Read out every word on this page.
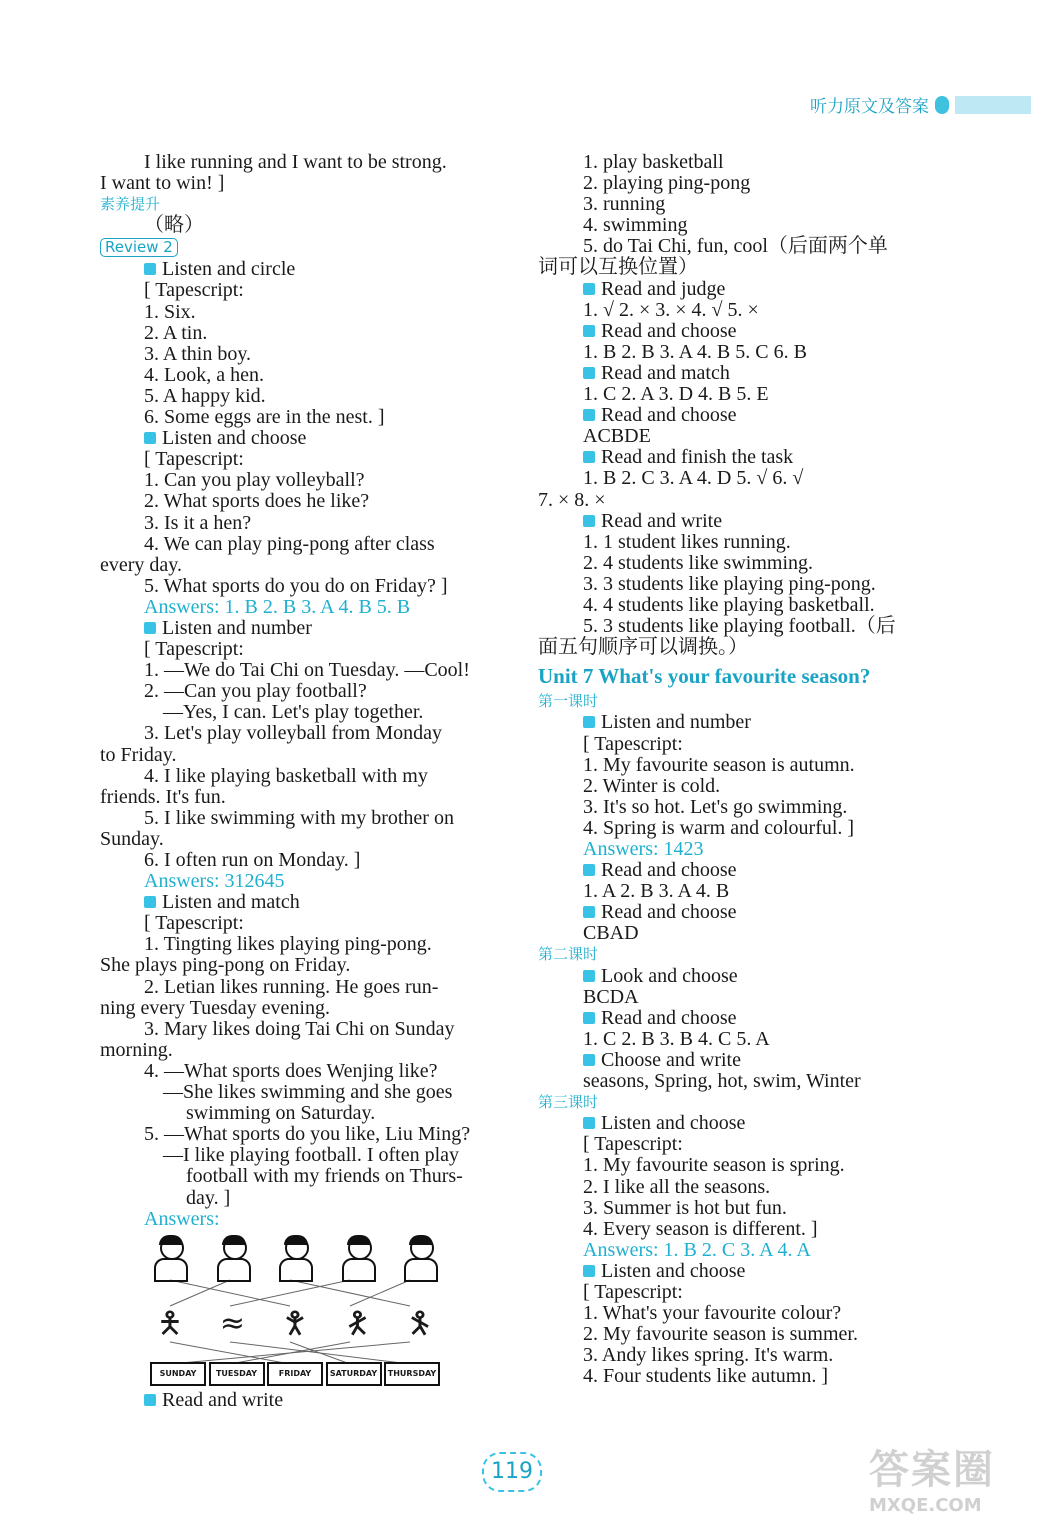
听力原文及答案
I like running and I want to be strong.
I want to win! ]
素养提升
（略）
Review 2
Listen and circle
[ Tapescript:
1. Six.
2. A tin.
3. A thin boy.
4. Look, a hen.
5. A happy kid.
6. Some eggs are in the nest. ]
Listen and choose
[ Tapescript:
1. Can you play volleyball?
2. What sports does he like?
3. Is it a hen?
4. We can play ping-pong after class
every day.
5. What sports do you do on Friday? ]
Answers: 1. B 2. B 3. A 4. B 5. B
Listen and number
[ Tapescript:
1. —We do Tai Chi on Tuesday. —Cool!
2. —Can you play football?
—Yes, I can. Let's play together.
3. Let's play volleyball from Monday
to Friday.
4. I like playing basketball with my
friends. It's fun.
5. I like swimming with my brother on
Sunday.
6. I often run on Monday. ]
Answers: 312645
Listen and match
[ Tapescript:
1. Tingting likes playing ping-pong.
She plays ping-pong on Friday.
2. Letian likes running. He goes run-
ning every Tuesday evening.
3. Mary likes doing Tai Chi on Sunday
morning.
4. —What sports does Wenjing like?
—She likes swimming and she goes
swimming on Saturday.
5. —What sports do you like, Liu Ming?
—I like playing football. I often play
football with my friends on Thurs-
day. ]
Answers:
🯅 ≈ 🯆 🯇 🯈
SUNDAY	TUESDAY	FRIDAY	SATURDAY	THURSDAY
Read and write
1. play basketball
2. playing ping-pong
3. running
4. swimming
5. do Tai Chi, fun, cool（后面两个单
词可以互换位置）
Read and judge
1. √ 2. × 3. × 4. √ 5. ×
Read and choose
1. B 2. B 3. A 4. B 5. C 6. B
Read and match
1. C 2. A 3. D 4. B 5. E
Read and choose
ACBDE
Read and finish the task
1. B 2. C 3. A 4. D 5. √ 6. √
7. × 8. ×
Read and write
1. 1 student likes running.
2. 4 students like swimming.
3. 3 students like playing ping-pong.
4. 4 students like playing basketball.
5. 3 students like playing football.（后
面五句顺序可以调换。）
Unit 7 What's your favourite season?
第一课时
Listen and number
[ Tapescript:
1. My favourite season is autumn.
2. Winter is cold.
3. It's so hot. Let's go swimming.
4. Spring is warm and colourful. ]
Answers: 1423
Read and choose
1. A 2. B 3. A 4. B
Read and choose
CBAD
第二课时
Look and choose
BCDA
Read and choose
1. C 2. B 3. B 4. C 5. A
Choose and write
seasons, Spring, hot, swim, Winter
第三课时
Listen and choose
[ Tapescript:
1. My favourite season is spring.
2. I like all the seasons.
3. Summer is hot but fun.
4. Every season is different. ]
Answers: 1. B 2. C 3. A 4. A
Listen and choose
[ Tapescript:
1. What's your favourite colour?
2. My favourite season is summer.
3. Andy likes spring. It's warm.
4. Four students like autumn. ]
119	答案圈
MXQE.COM
